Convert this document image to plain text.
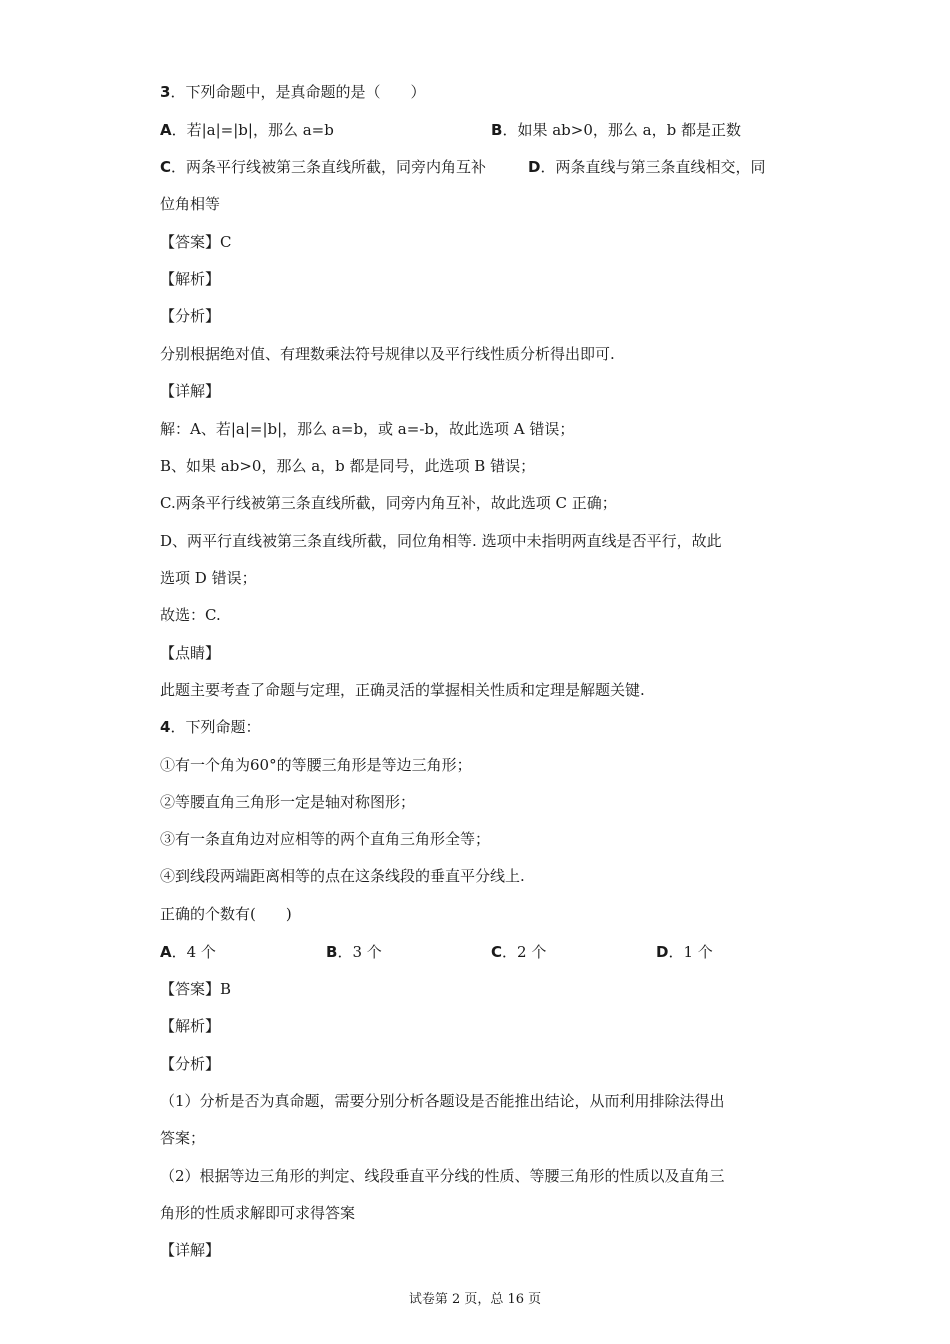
3．下列命题中，是真命题的是（　　）
A．若|a|=|b|，那么 a=b	B．如果 ab>0，那么 a，b 都是正数
C．两条平行线被第三条直线所截，同旁内角互补	D．两条直线与第三条直线相交，同
位角相等
【答案】C
【解析】
【分析】
分别根据绝对值、有理数乘法符号规律以及平行线性质分析得出即可.
【详解】
解：A、若|a|=|b|，那么 a=b，或 a=-b，故此选项 A 错误；
B、如果 ab>0，那么 a，b 都是同号，此选项 B 错误；
C.两条平行线被第三条直线所截，同旁内角互补，故此选项 C 正确；
D、两平行直线被第三条直线所截，同位角相等. 选项中未指明两直线是否平行，故此
选项 D 错误；
故选：C.
【点睛】
此题主要考查了命题与定理，正确灵活的掌握相关性质和定理是解题关键.
4．下列命题：
①有一个角为60°的等腰三角形是等边三角形；
②等腰直角三角形一定是轴对称图形；
③有一条直角边对应相等的两个直角三角形全等；
④到线段两端距离相等的点在这条线段的垂直平分线上.
正确的个数有(　　)
A．4 个	B．3 个	C．2 个	D．1 个
【答案】B
【解析】
【分析】
（1）分析是否为真命题，需要分别分析各题设是否能推出结论，从而利用排除法得出
答案；
（2）根据等边三角形的判定、线段垂直平分线的性质、等腰三角形的性质以及直角三
角形的性质求解即可求得答案
【详解】
试卷第 2 页，总 16 页
